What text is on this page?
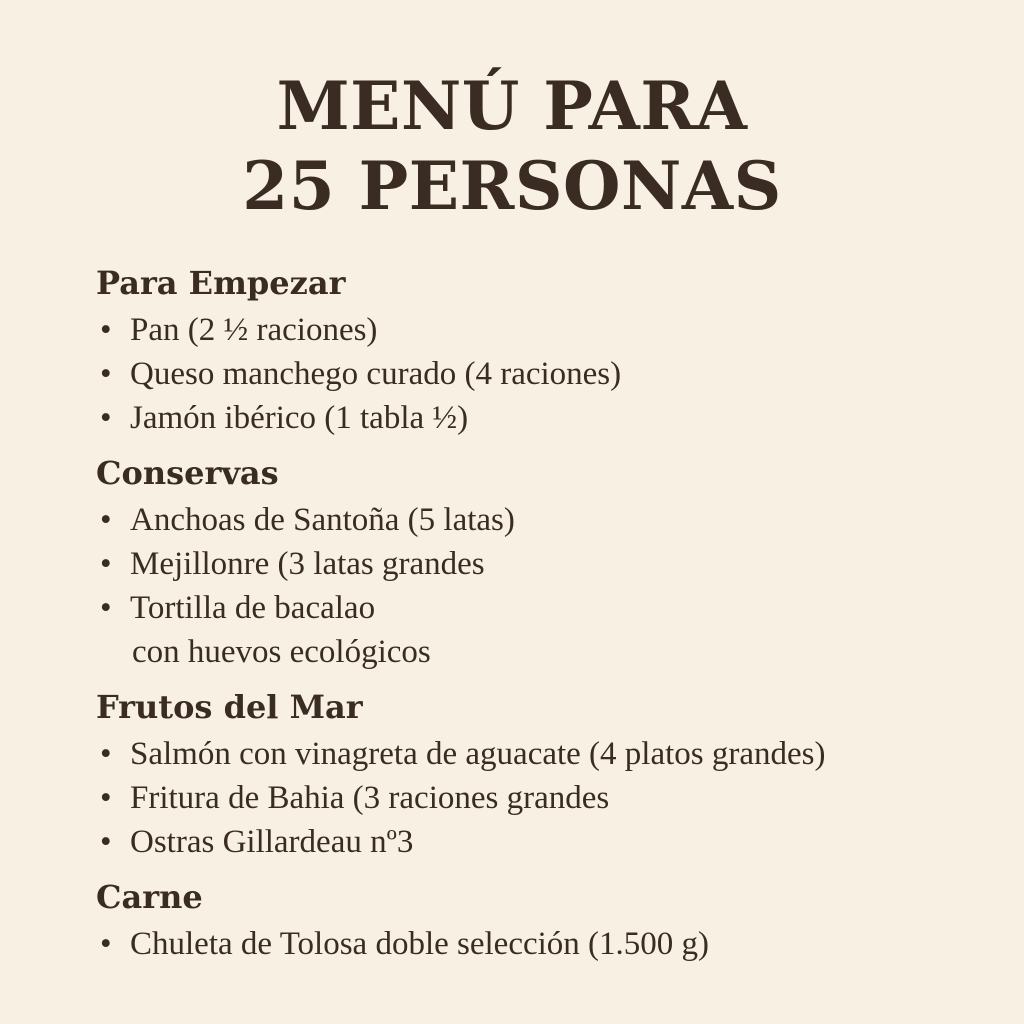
MENÚ PARA
25 PERSONAS
Para Empezar
• Pan (2 ½ raciones)
• Queso manchego curado (4 raciones)
• Jamón ibérico (1 tabla ½)
Conservas
• Anchoas de Santoña (5 latas)
• Mejillonre (3 latas grandes
• Tortilla de bacalao
con huevos ecológicos
Frutos del Mar
• Salmón con vinagreta de aguacate (4 platos grandes)
• Fritura de Bahia (3 raciones grandes
• Ostras Gillardeau nº3
Carne
• Chuleta de Tolosa doble selección (1.500 g)
